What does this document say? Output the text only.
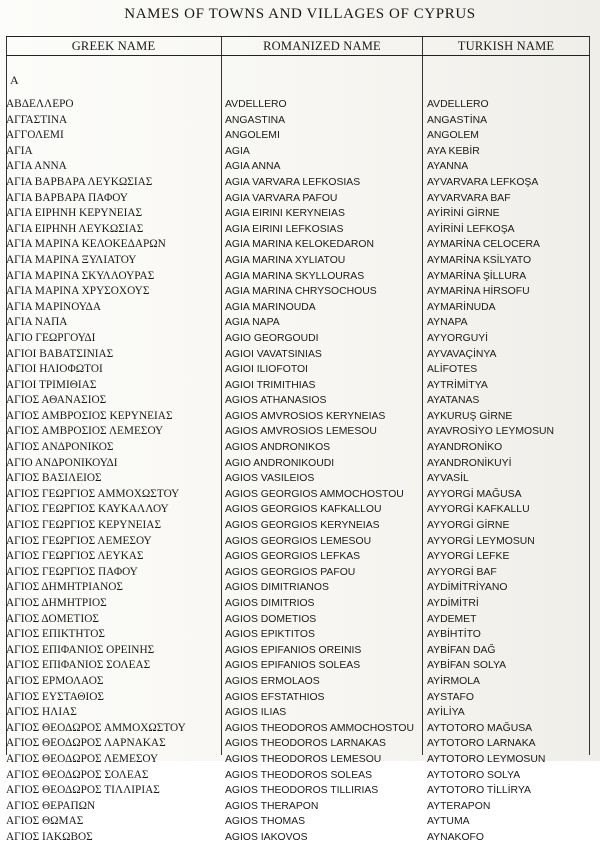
NAMES OF TOWNS AND VILLAGES OF CYPRUS
GREEK NAME	ROMANIZED NAME	TURKISH NAME
A
ΑΒΔΕΛΛΕΡΟ	AVDELLERO	AVDELLERO
ΑΓΓΑΣΤΙΝΑ	ANGASTINA	ANGASTİNA
ΑΓΓΟΛΕΜΙ	ANGOLEMI	ANGOLEM
ΑΓΙΑ	AGIA	AYA KEBİR
ΑΓΙΑ ΑΝΝΑ	AGIA ANNA	AYANNA
ΑΓΙΑ ΒΑΡΒΑΡΑ ΛΕΥΚΩΣΙΑΣ	AGIA VARVARA LEFKOSIAS	AYVARVARA LEFKOŞA
ΑΓΙΑ ΒΑΡΒΑΡΑ ΠΑΦΟΥ	AGIA VARVARA PAFOU	AYVARVARA BAF
ΑΓΙΑ ΕΙΡΗΝΗ ΚΕΡΥΝΕΙΑΣ	AGIA EIRINI KERYNEIAS	AYİRİNİ GİRNE
ΑΓΙΑ ΕΙΡΗΝΗ ΛΕΥΚΩΣΙΑΣ	AGIA EIRINI LEFKOSIAS	AYİRİNİ LEFKOŞA
ΑΓΙΑ ΜΑΡΙΝΑ ΚΕΛΟΚΕΔΑΡΩΝ	AGIA MARINA KELOKEDARON	AYMARİNA CELOCERA
ΑΓΙΑ ΜΑΡΙΝΑ ΞΥΛΙΑΤΟΥ	AGIA MARINA XYLIATOU	AYMARİNA KSİLYATO
ΑΓΙΑ ΜΑΡΙΝΑ ΣΚΥΛΛΟΥΡΑΣ	AGIA MARINA SKYLLOURAS	AYMARİNA ŞİLLURA
ΑΓΙΑ ΜΑΡΙΝΑ ΧΡΥΣΟΧΟΥΣ	AGIA MARINA CHRYSOCHOUS	AYMARİNA HİRSOFU
ΑΓΙΑ ΜΑΡΙΝΟΥΔΑ	AGIA MARINOUDA	AYMARİNUDA
ΑΓΙΑ ΝΑΠΑ	AGIA NAPA	AYNAPA
ΑΓΙΟ ΓΕΩΡΓΟΥΔΙ	AGIO GEORGOUDI	AYYORGUYİ
ΑΓΙΟΙ ΒΑΒΑΤΣΙΝΙΑΣ	AGIOI VAVATSINIAS	AYVAVAÇİNYA
ΑΓΙΟΙ ΗΛΙΟΦΩΤΟΙ	AGIOI ILIOFOTOI	ALİFOTES
ΑΓΙΟΙ ΤΡΙΜΙΘΙΑΣ	AGIOI TRIMITHIAS	AYTRİMİTYA
ΑΓΙΟΣ ΑΘΑΝΑΣΙΟΣ	AGIOS ATHANASIOS	AYATANAS
ΑΓΙΟΣ ΑΜΒΡΟΣΙΟΣ ΚΕΡΥΝΕΙΑΣ	AGIOS AMVROSIOS KERYNEIAS	AYKURUŞ GİRNE
ΑΓΙΟΣ ΑΜΒΡΟΣΙΟΣ ΛΕΜΕΣΟΥ	AGIOS AMVROSIOS LEMESOU	AYAVROSİYO LEYMOSUN
ΑΓΙΟΣ ΑΝΔΡΟΝΙΚΟΣ	AGIOS ANDRONIKOS	AYANDRONİKO
ΑΓΙΟ ΑΝΔΡΟΝΙΚΟΥΔΙ	AGIO ANDRONIKOUDI	AYANDRONİKUYİ
ΑΓΙΟΣ ΒΑΣΙΛΕΙΟΣ	AGIOS VASILEIOS	AYVASİL
ΑΓΙΟΣ ΓΕΩΡΓΙΟΣ ΑΜΜΟΧΩΣΤΟΥ	AGIOS GEORGIOS AMMOCHOSTOU	AYYORGİ MAĞUSA
ΑΓΙΟΣ ΓΕΩΡΓΙΟΣ ΚΑΥΚΑΛΛΟΥ	AGIOS GEORGIOS KAFKALLOU	AYYORGİ KAFKALLU
ΑΓΙΟΣ ΓΕΩΡΓΙΟΣ ΚΕΡΥΝΕΙΑΣ	AGIOS GEORGIOS KERYNEIAS	AYYORGİ GİRNE
ΑΓΙΟΣ ΓΕΩΡΓΙΟΣ ΛΕΜΕΣΟΥ	AGIOS GEORGIOS LEMESOU	AYYORGİ LEYMOSUN
ΑΓΙΟΣ ΓΕΩΡΓΙΟΣ ΛΕΥΚΑΣ	AGIOS GEORGIOS LEFKAS	AYYORGİ LEFKE
ΑΓΙΟΣ ΓΕΩΡΓΙΟΣ ΠΑΦΟΥ	AGIOS GEORGIOS PAFOU	AYYORGİ BAF
ΑΓΙΟΣ ΔΗΜΗΤΡΙΑΝΟΣ	AGIOS DIMITRIANOS	AYDİMİTRİYANO
ΑΓΙΟΣ ΔΗΜΗΤΡΙΟΣ	AGIOS DIMITRIOS	AYDİMİTRİ
ΑΓΙΟΣ ΔΟΜΕΤΙΟΣ	AGIOS DOMETIOS	AYDEMET
ΑΓΙΟΣ ΕΠΙΚΤΗΤΟΣ	AGIOS EPIKTITOS	AYBİHTİTO
ΑΓΙΟΣ ΕΠΙΦΑΝΙΟΣ ΟΡΕΙΝΗΣ	AGIOS EPIFANIOS OREINIS	AYBİFAN DAĞ
ΑΓΙΟΣ ΕΠΙΦΑΝΙΟΣ ΣΟΛΕΑΣ	AGIOS EPIFANIOS SOLEAS	AYBİFAN SOLYA
ΑΓΙΟΣ ΕΡΜΟΛΑΟΣ	AGIOS ERMOLAOS	AYİRMOLA
ΑΓΙΟΣ ΕΥΣΤΑΘΙΟΣ	AGIOS EFSTATHIOS	AYSTAFO
ΑΓΙΟΣ ΗΛΙΑΣ	AGIOS ILIAS	AYİLİYA
ΑΓΙΟΣ ΘΕΟΔΩΡΟΣ ΑΜΜΟΧΩΣΤΟΥ	AGIOS THEODOROS AMMOCHOSTOU	AYTOTORO MAĞUSA
ΑΓΙΟΣ ΘΕΟΔΩΡΟΣ ΛΑΡΝΑΚΑΣ	AGIOS THEODOROS LARNAKAS	AYTOTORO LARNAKA
ΑΓΙΟΣ ΘΕΟΔΩΡΟΣ ΛΕΜΕΣΟΥ	AGIOS THEODOROS LEMESOU	AYTOTORO LEYMOSUN
ΑΓΙΟΣ ΘΕΟΔΩΡΟΣ ΣΟΛΕΑΣ	AGIOS THEODOROS SOLEAS	AYTOTORO SOLYA
ΑΓΙΟΣ ΘΕΟΔΩΡΟΣ ΤΙΛΛΙΡΙΑΣ	AGIOS THEODOROS TILLIRIAS	AYTOTORO TİLLİRYA
ΑΓΙΟΣ ΘΕΡΑΠΩΝ	AGIOS THERAPON	AYTERAPON
ΑΓΙΟΣ ΘΩΜΑΣ	AGIOS THOMAS	AYTUMA
ΑΓΙΟΣ ΙΑΚΩΒΟΣ	AGIOS IAKOVOS	AYNAKOFO
